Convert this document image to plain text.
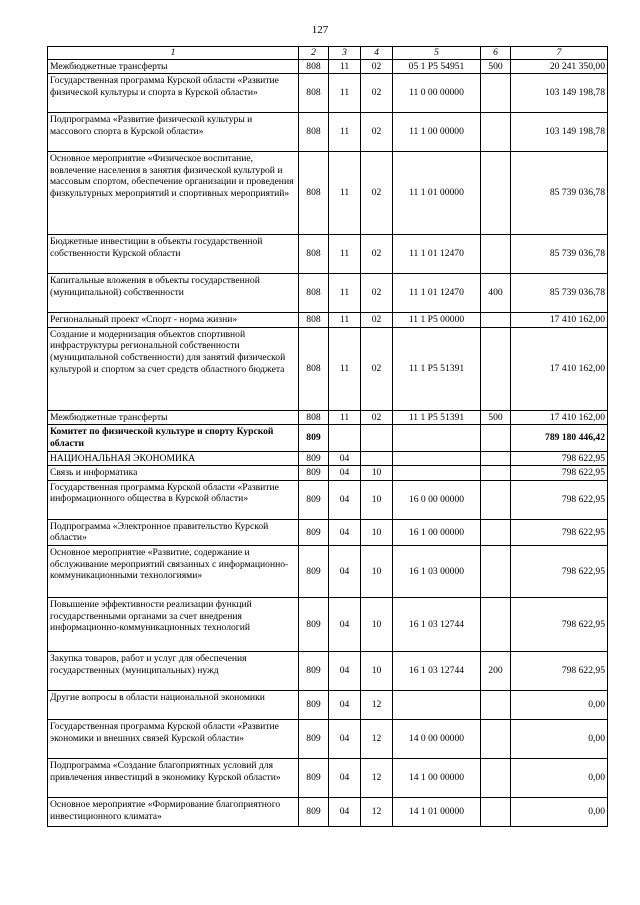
127
1	2	3	4	5	6	7
Межбюджетные трансферты	808	11	02	05 1 P5 54951	500	20 241 350,00
Государственная программа Курской области «Развитие физической культуры и спорта в Курской области»	808	11	02	11 0 00 00000		103 149 198,78
Подпрограмма «Развитие физической культуры и массового спорта в Курской области»	808	11	02	11 1 00 00000		103 149 198,78
Основное мероприятие «Физическое воспитание, вовлечение населения в занятия физической культурой и массовым спортом, обеспечение организации и проведения физкультурных мероприятий и спортивных мероприятий»	808	11	02	11 1 01 00000		85 739 036,78
Бюджетные инвестиции в объекты государственной собственности Курской области	808	11	02	11 1 01 12470		85 739 036,78
Капитальные вложения в объекты государственной (муниципальной) собственности	808	11	02	11 1 01 12470	400	85 739 036,78
Региональный проект «Спорт - норма жизни»	808	11	02	11 1 P5 00000		17 410 162,00
Создание и модернизация объектов спортивной инфраструктуры региональной собственности (муниципальной собственности) для занятий физической культурой и спортом за счет средств областного бюджета	808	11	02	11 1 P5 51391		17 410 162,00
Межбюджетные трансферты	808	11	02	11 1 P5 51391	500	17 410 162,00
Комитет по физической культуре и спорту Курской области	809					789 180 446,42
НАЦИОНАЛЬНАЯ ЭКОНОМИКА	809	04				798 622,95
Связь и информатика	809	04	10			798 622,95
Государственная программа Курской области «Развитие информационного общества в Курской области»	809	04	10	16 0 00 00000		798 622,95
Подпрограмма «Электронное правительство Курской области»	809	04	10	16 1 00 00000		798 622,95
Основное мероприятие «Развитие, содержание и обслуживание мероприятий связанных с информационно-коммуникационными технологиями»	809	04	10	16 1 03 00000		798 622,95
Повышение эффективности реализации функций государственными органами за счет внедрения информационно-коммуникационных технологий	809	04	10	16 1 03 12744		798 622,95
Закупка товаров, работ и услуг для обеспечения государственных (муниципальных) нужд	809	04	10	16 1 03 12744	200	798 622,95
Другие вопросы в области национальной экономики	809	04	12			0,00
Государственная программа Курской области «Развитие экономики и внешних связей Курской области»	809	04	12	14 0 00 00000		0,00
Подпрограмма «Создание благоприятных условий для привлечения инвестиций в экономику Курской области»	809	04	12	14 1 00 00000		0,00
Основное мероприятие «Формирование благоприятного инвестиционного климата»	809	04	12	14 1 01 00000		0,00
